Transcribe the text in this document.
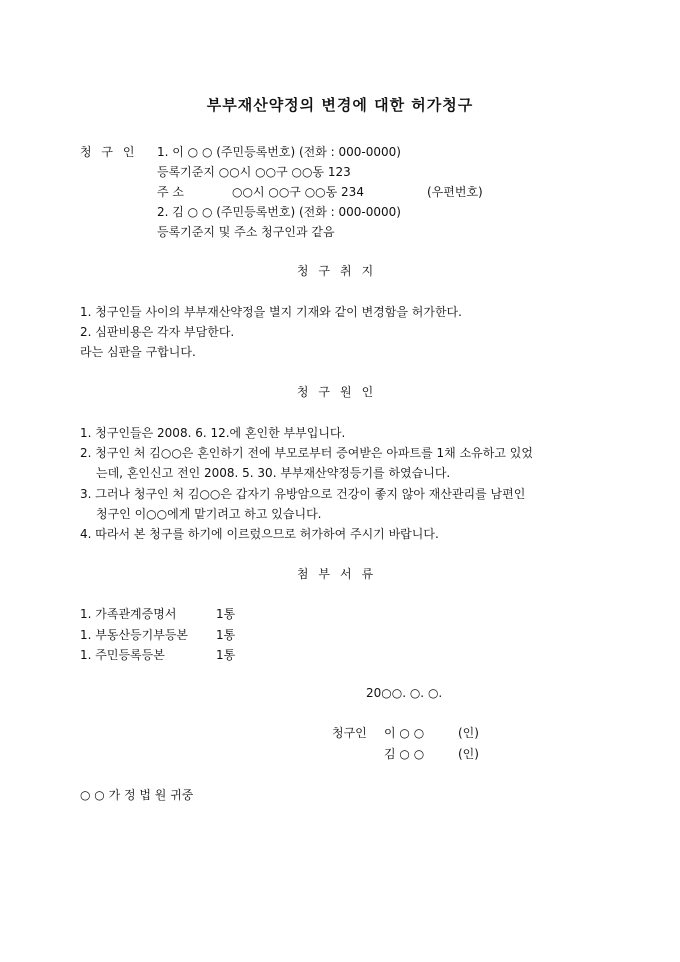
부부재산약정의 변경에 대한 허가청구
청 구 인 1. 이 ○ ○ (주민등록번호) (전화 : 000-0000)
등록기준지 ○○시 ○○구 ○○동 123
주 소	○○시 ○○구 ○○동 234	(우편번호)
2. 김 ○ ○ (주민등록번호) (전화 : 000-0000)
등록기준지 및 주소 청구인과 같음
청구취지
1. 청구인들 사이의 부부재산약정을 별지 기재와 같이 변경함을 허가한다.
2. 심판비용은 각자 부담한다.
라는 심판을 구합니다.
청구원인
1. 청구인들은 2008. 6. 12.에 혼인한 부부입니다.
2. 청구인 처 김○○은 혼인하기 전에 부모로부터 증여받은 아파트를 1채 소유하고 있었
는데, 혼인신고 전인 2008. 5. 30. 부부재산약정등기를 하였습니다.
3. 그러나 청구인 처 김○○은 갑자기 유방암으로 건강이 좋지 않아 재산관리를 남편인
청구인 이○○에게 맡기려고 하고 있습니다.
4. 따라서 본 청구를 하기에 이르렀으므로 허가하여 주시기 바랍니다.
첨부서류
1. 가족관계증명서	1통
1. 부동산등기부등본 1통
1. 주민등록등본	1통
20○○. ○. ○.
청구인 이 ○ ○	(인)
김 ○ ○	(인)
○ ○ 가 정 법 원 귀중
